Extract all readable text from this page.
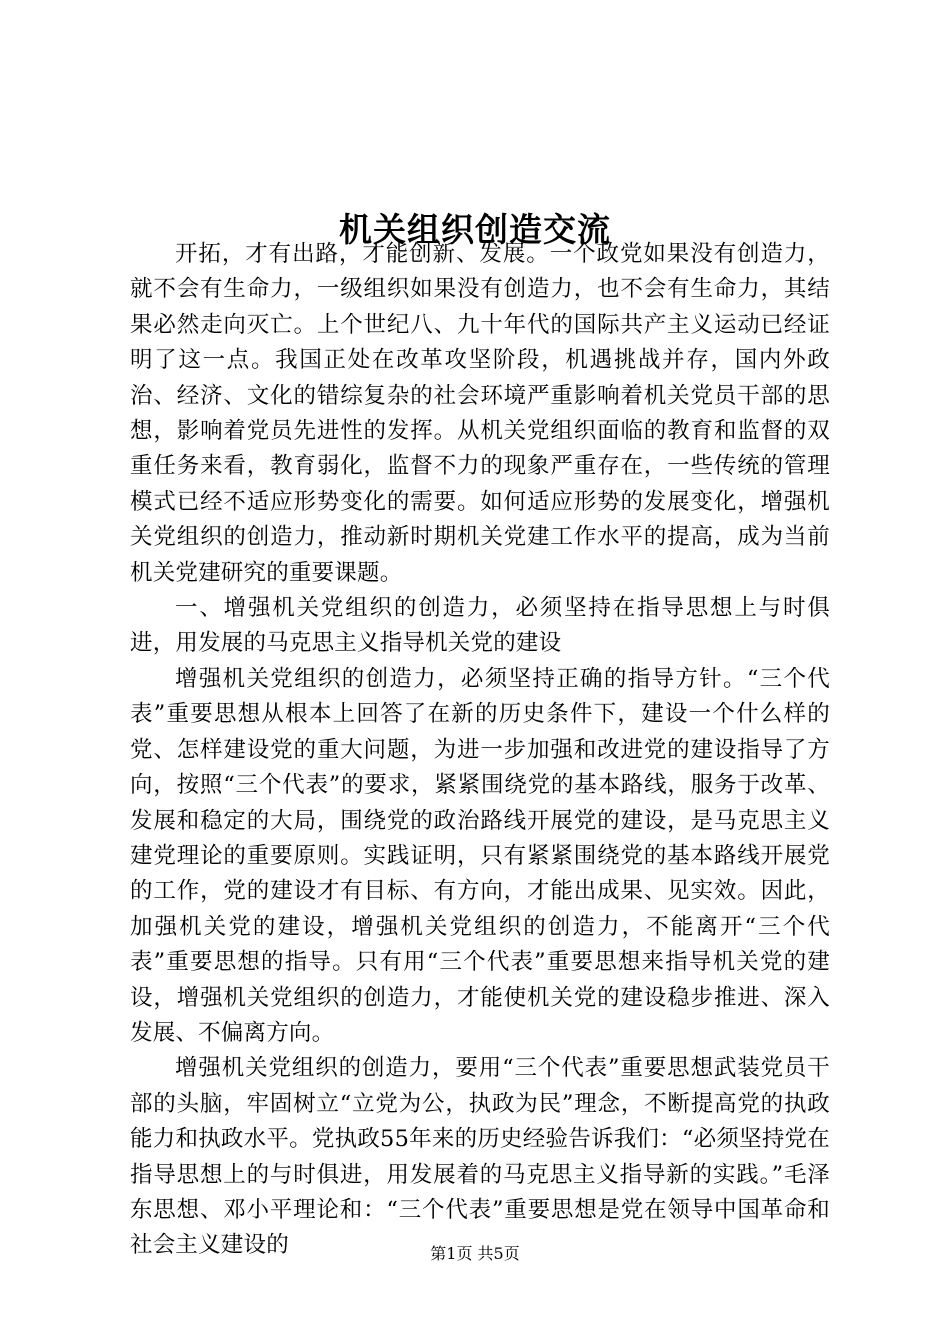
机关组织创造交流

开拓，才有出路，才能创新、发展。一个政党如果没有创造力，就不会有生命力，一级组织如果没有创造力，也不会有生命力，其结果必然走向灭亡。上个世纪八、九十年代的国际共产主义运动已经证明了这一点。我国正处在改革攻坚阶段，机遇挑战并存，国内外政治、经济、文化的错综复杂的社会环境严重影响着机关党员干部的思想，影响着党员先进性的发挥。从机关党组织面临的教育和监督的双重任务来看，教育弱化，监督不力的现象严重存在，一些传统的管理模式已经不适应形势变化的需要。如何适应形势的发展变化，增强机关党组织的创造力，推动新时期机关党建工作水平的提高，成为当前机关党建研究的重要课题。

一、增强机关党组织的创造力，必须坚持在指导思想上与时俱进，用发展的马克思主义指导机关党的建设

增强机关党组织的创造力，必须坚持正确的指导方针。“三个代表”重要思想从根本上回答了在新的历史条件下，建设一个什么样的党、怎样建设党的重大问题，为进一步加强和改进党的建设指导了方向，按照“三个代表”的要求，紧紧围绕党的基本路线，服务于改革、发展和稳定的大局，围绕党的政治路线开展党的建设，是马克思主义建党理论的重要原则。实践证明，只有紧紧围绕党的基本路线开展党的工作，党的建设才有目标、有方向，才能出成果、见实效。因此，加强机关党的建设，增强机关党组织的创造力，不能离开“三个代表”重要思想的指导。只有用“三个代表”重要思想来指导机关党的建设，增强机关党组织的创造力，才能使机关党的建设稳步推进、深入发展、不偏离方向。

增强机关党组织的创造力，要用“三个代表”重要思想武装党员干部的头脑，牢固树立“立党为公，执政为民”理念，不断提高党的执政能力和执政水平。党执政55年来的历史经验告诉我们：“必须坚持党在指导思想上的与时俱进，用发展着的马克思主义指导新的实践。”毛泽东思想、邓小平理论和：“三个代表”重要思想是党在领导中国革命和社会主义建设的	第1页 共5页
